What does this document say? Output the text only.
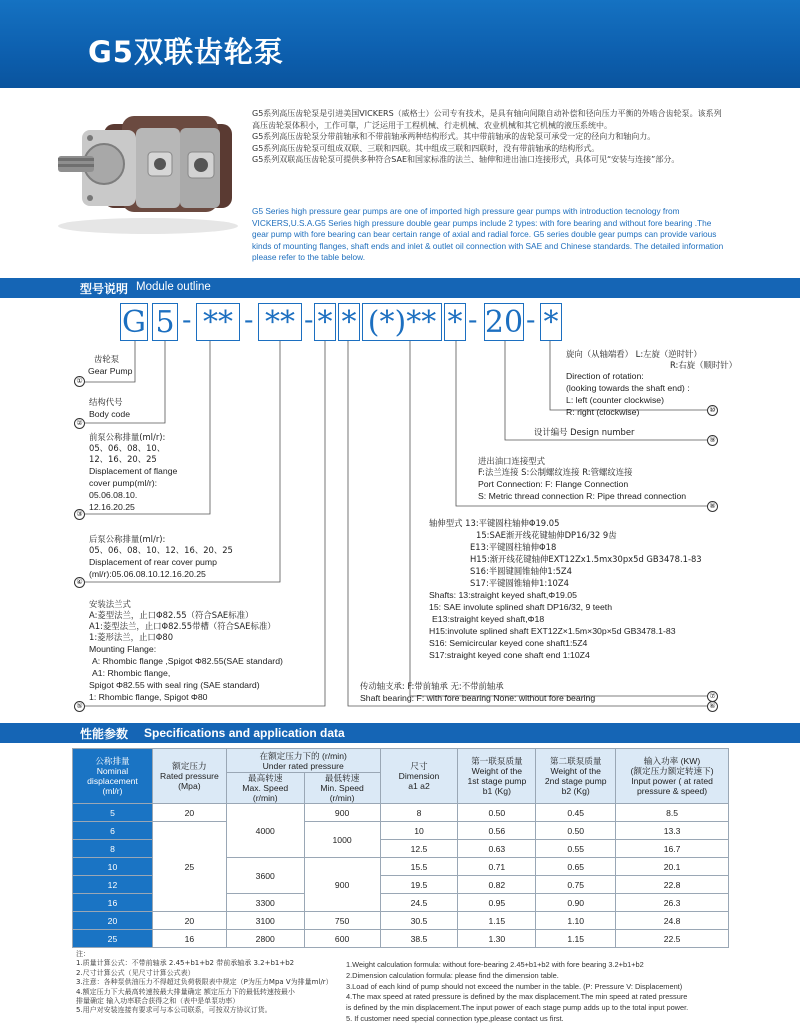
G5双联齿轮泵

G5系列高压齿轮泵是引进美国VICKERS（威格士）公司专有技术，是具有轴向间隙自动补偿和径向压力平衡的外啮合齿轮泵。该系列高压齿轮泵体积小，工作可靠，广泛运用于工程机械、行走机械、农业机械和其它机械的液压系统中。

G5系列高压齿轮泵分带前轴承和不带前轴承两种结构形式。其中带前轴承的齿轮泵可承受一定的径向力和轴向力。

G5系列高压齿轮泵可组成双联、三联和四联。其中组成三联和四联时，没有带前轴承的结构形式。

G5系列双联高压齿轮泵可提供多种符合SAE和国家标准的法兰、轴伸和进出油口连接形式，具体可见“安装与连接”部分。

G5 Series high pressure gear pumps are one of imported high pressure gear pumps with introduction tecnology from VICKERS,U.S.A.G5 Series high pressure double gear pumps include 2 types: with fore bearing and without fore bearing .The gear pump with fore bearing can bear certain range of axial and radial force. G5 series double gear pumps can provide various kinds of mounting flanges, shaft ends and inlet & outlet oil connection with SAE and Chinese standards. The detailed information please refer to the table below.
型号说明 Module outline
G 5 - ** - ** - * * (*)** * - 20 - *
齿轮泵
Gear Pump
①
结构代号
Body code
②
前泵公称排量(ml/r):
05、06、08、10、
12、16、20、25
Displacement of flange
cover pump(ml/r):
05.06.08.10.
12.16.20.25
③
后泵公称排量(ml/r):
05、06、08、10、12、16、20、25
Displacement of rear cover pump
(ml/r):05.06.08.10.12.16.20.25
④
安装法兰式
A:菱型法兰，止口Φ82.55（符合SAE标准）
A1:菱型法兰，止口Φ82.55带槽（符合SAE标准）
1:菱形法兰，止口Φ80
Mounting Flange:
A: Rhombic flange ,Spigot Φ82.55(SAE standard)
A1: Rhombic flange,
Spigot Φ82.55 with seal ring (SAE standard)
1: Rhombic flange, Spigot Φ80
⑤
传动轴支承: F:带前轴承 无:不带前轴承
Shaft bearing: F: with fore bearing None: without fore bearing
⑥
轴伸型式 13:平键圆柱轴伸Φ19.05
15:SAE渐开线花键轴伸DP16/32 9齿
E13:平键圆柱轴伸Φ18
H15:渐开线花键轴伸EXT12Zx1.5mx30px5d GB3478.1-83
S16:半圆键圆锥轴伸1:5Z4
S17:平键圆锥轴伸1:10Z4
Shafts: 13:straight keyed shaft,Φ19.05
15: SAE involute splined shaft DP16/32, 9 teeth
E13:straight keyed shaft,Φ18
H15:involute splined shaft EXT12Z×1.5m×30p×5d GB3478.1-83
S16: Semicircular keyed cone shaft1:5Z4
S17:straight keyed cone shaft end 1:10Z4
⑦
进出油口连接型式
F:法兰连接 S:公制螺纹连接 R:管螺纹连接
Port Connection: F: Flange Connection
S: Metric thread connection R: Pipe thread connection
⑧
设计编号 Design number
⑨
旋向（从轴端看） L:左旋（逆时针）
R:右旋（顺时针）
Direction of rotation:
(looking towards the shaft end) :
L: left (counter clockwise)
R: right (clockwise)	⑩
性能参数 Specifications and application data
公称排量
Nominal
displacement
(ml/r)	额定压力
Rated pressure
(Mpa)	在额定压力下的 (r/min)
Under rated pressure		尺寸
Dimension
a1 a2	第一联泵质量
Weight of the
1st stage pump
b1 (Kg)	第二联泵质量
Weight of the
2nd stage pump
b2 (Kg)	输入功率 (KW)
(额定压力额定转速下)
Input power ( at rated
pressure & speed)
		最高转速
Max. Speed
(r/min)	最低转速
Min. Speed
(r/min)				
5	20	4000	900	8	0.50	0.45	8.5
6	25		1000	10	0.56	0.50	13.3
8				12.5	0.63	0.55	16.7
10		3600	900	15.5	0.71	0.65	20.1
12				19.5	0.82	0.75	22.8
16		3300		24.5	0.95	0.90	26.3
20	20	3100	750	30.5	1.15	1.10	24.8
25	16	2800	600	38.5	1.30	1.15	22.5
注：
1.质量计算公式：不带前轴承 2.45+b1+b2 带前承轴承 3.2+b1+b2
2.尺寸计算公式（见尺寸计算公式表）
3.注意：各种泵供油压力不得超过负荷极限表中规定（P为压力Mpa V为排量ml/r）
4.额定压力下大最高转速按最大排量确定 额定压力下的最低转速按最小
排量确定 输入功率联合获得之和（表中是单泵功率）
5.用户对安装连接有要求可与本公司联系，可按双方协议订货。
1.Weight calculation formula: without fore-bearing 2.45+b1+b2 with fore bearing 3.2+b1+b2
2.Dimension calculation formula: please find the dimension table.
3.Load of each kind of pump should not exceed the number in the table. (P: Pressure V: Displacement)
4.The max speed at rated pressure is defined by the max displacement.The min speed at rated pressure
is defined by the min displacement.The input power of each stage pump adds up to the total input power.
5. If customer need special connection type,please contact us first.
